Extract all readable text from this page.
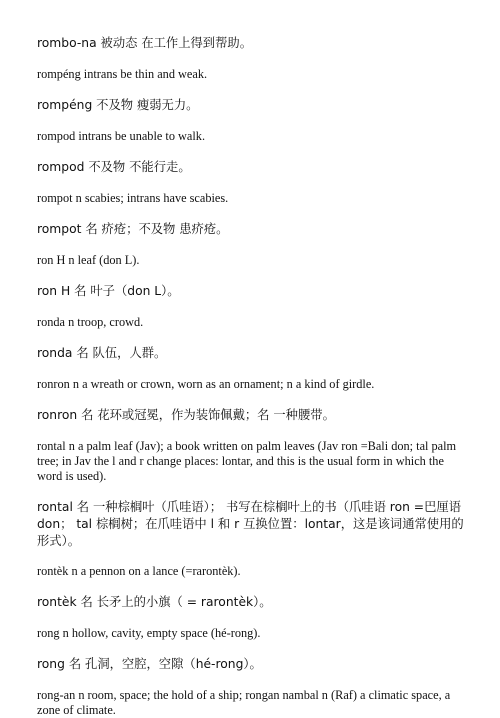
rombo-na 被动态 在工作上得到帮助。

rompéng intrans be thin and weak.

rompéng 不及物 瘦弱无力。

rompod intrans be unable to walk.

rompod 不及物 不能行走。

rompot n scabies; intrans have scabies.

rompot 名 疥疮；不及物 患疥疮。

ron H n leaf (don L).

ron H 名 叶子（don L）。

ronda n troop, crowd.

ronda 名 队伍，人群。

ronron n a wreath or crown, worn as an ornament; n a kind of girdle.

ronron 名 花环或冠冕，作为装饰佩戴；名 一种腰带。

rontal n a palm leaf (Jav); a book written on palm leaves (Jav ron =Bali don; tal palm tree; in Jav the l and r change places: lontar, and this is the usual form in which the word is used).

rontal 名 一种棕榈叶（爪哇语）； 书写在棕榈叶上的书（爪哇语 ron =巴厘语 don； tal 棕榈树；在爪哇语中 l 和 r 互换位置：lontar，这是该词通常使用的形式）。

rontèk n a pennon on a lance (=rarontèk).

rontèk 名 长矛上的小旗（ = rarontèk）。

rong n hollow, cavity, empty space (hé-rong).

rong 名 孔洞，空腔，空隙（hé-rong）。

rong-an n room, space; the hold of a ship; rongan nambal n (Raf) a climatic space, a zone of climate.
